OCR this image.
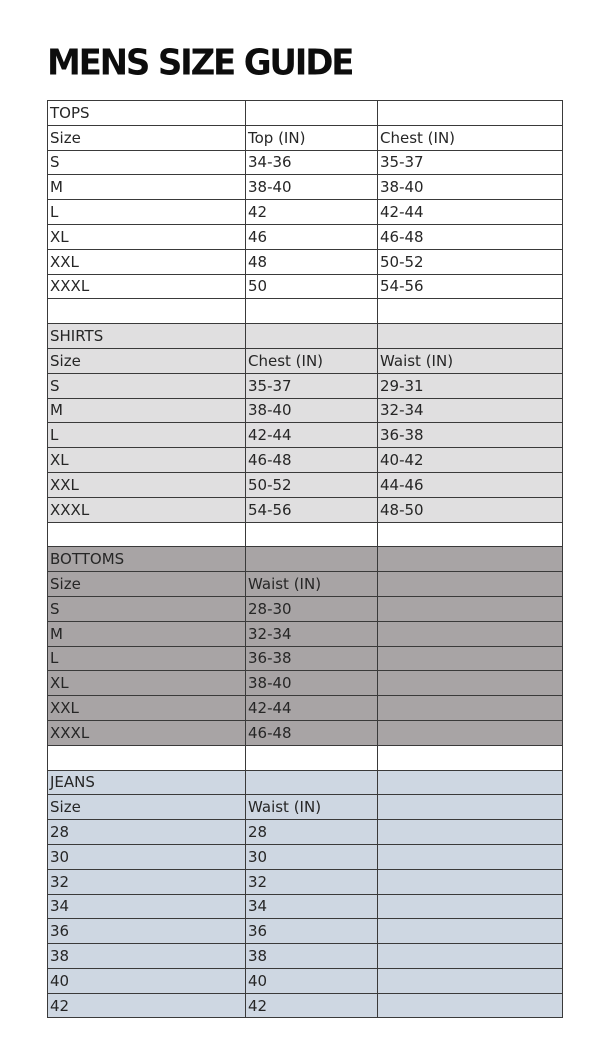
MENS SIZE GUIDE
TOPS		
Size	Top (IN)	Chest (IN)
S	34-36	35-37
M	38-40	38-40
L	42	42-44
XL	46	46-48
XXL	48	50-52
XXXL	50	54-56

SHIRTS		
Size	Chest (IN)	Waist (IN)
S	35-37	29-31
M	38-40	32-34
L	42-44	36-38
XL	46-48	40-42
XXL	50-52	44-46
XXXL	54-56	48-50

BOTTOMS		
Size	Waist (IN)	
S	28-30	
M	32-34	
L	36-38	
XL	38-40	
XXL	42-44	
XXXL	46-48	

JEANS		
Size	Waist (IN)	
28	28	
30	30	
32	32	
34	34	
36	36	
38	38	
40	40	
42	42	
